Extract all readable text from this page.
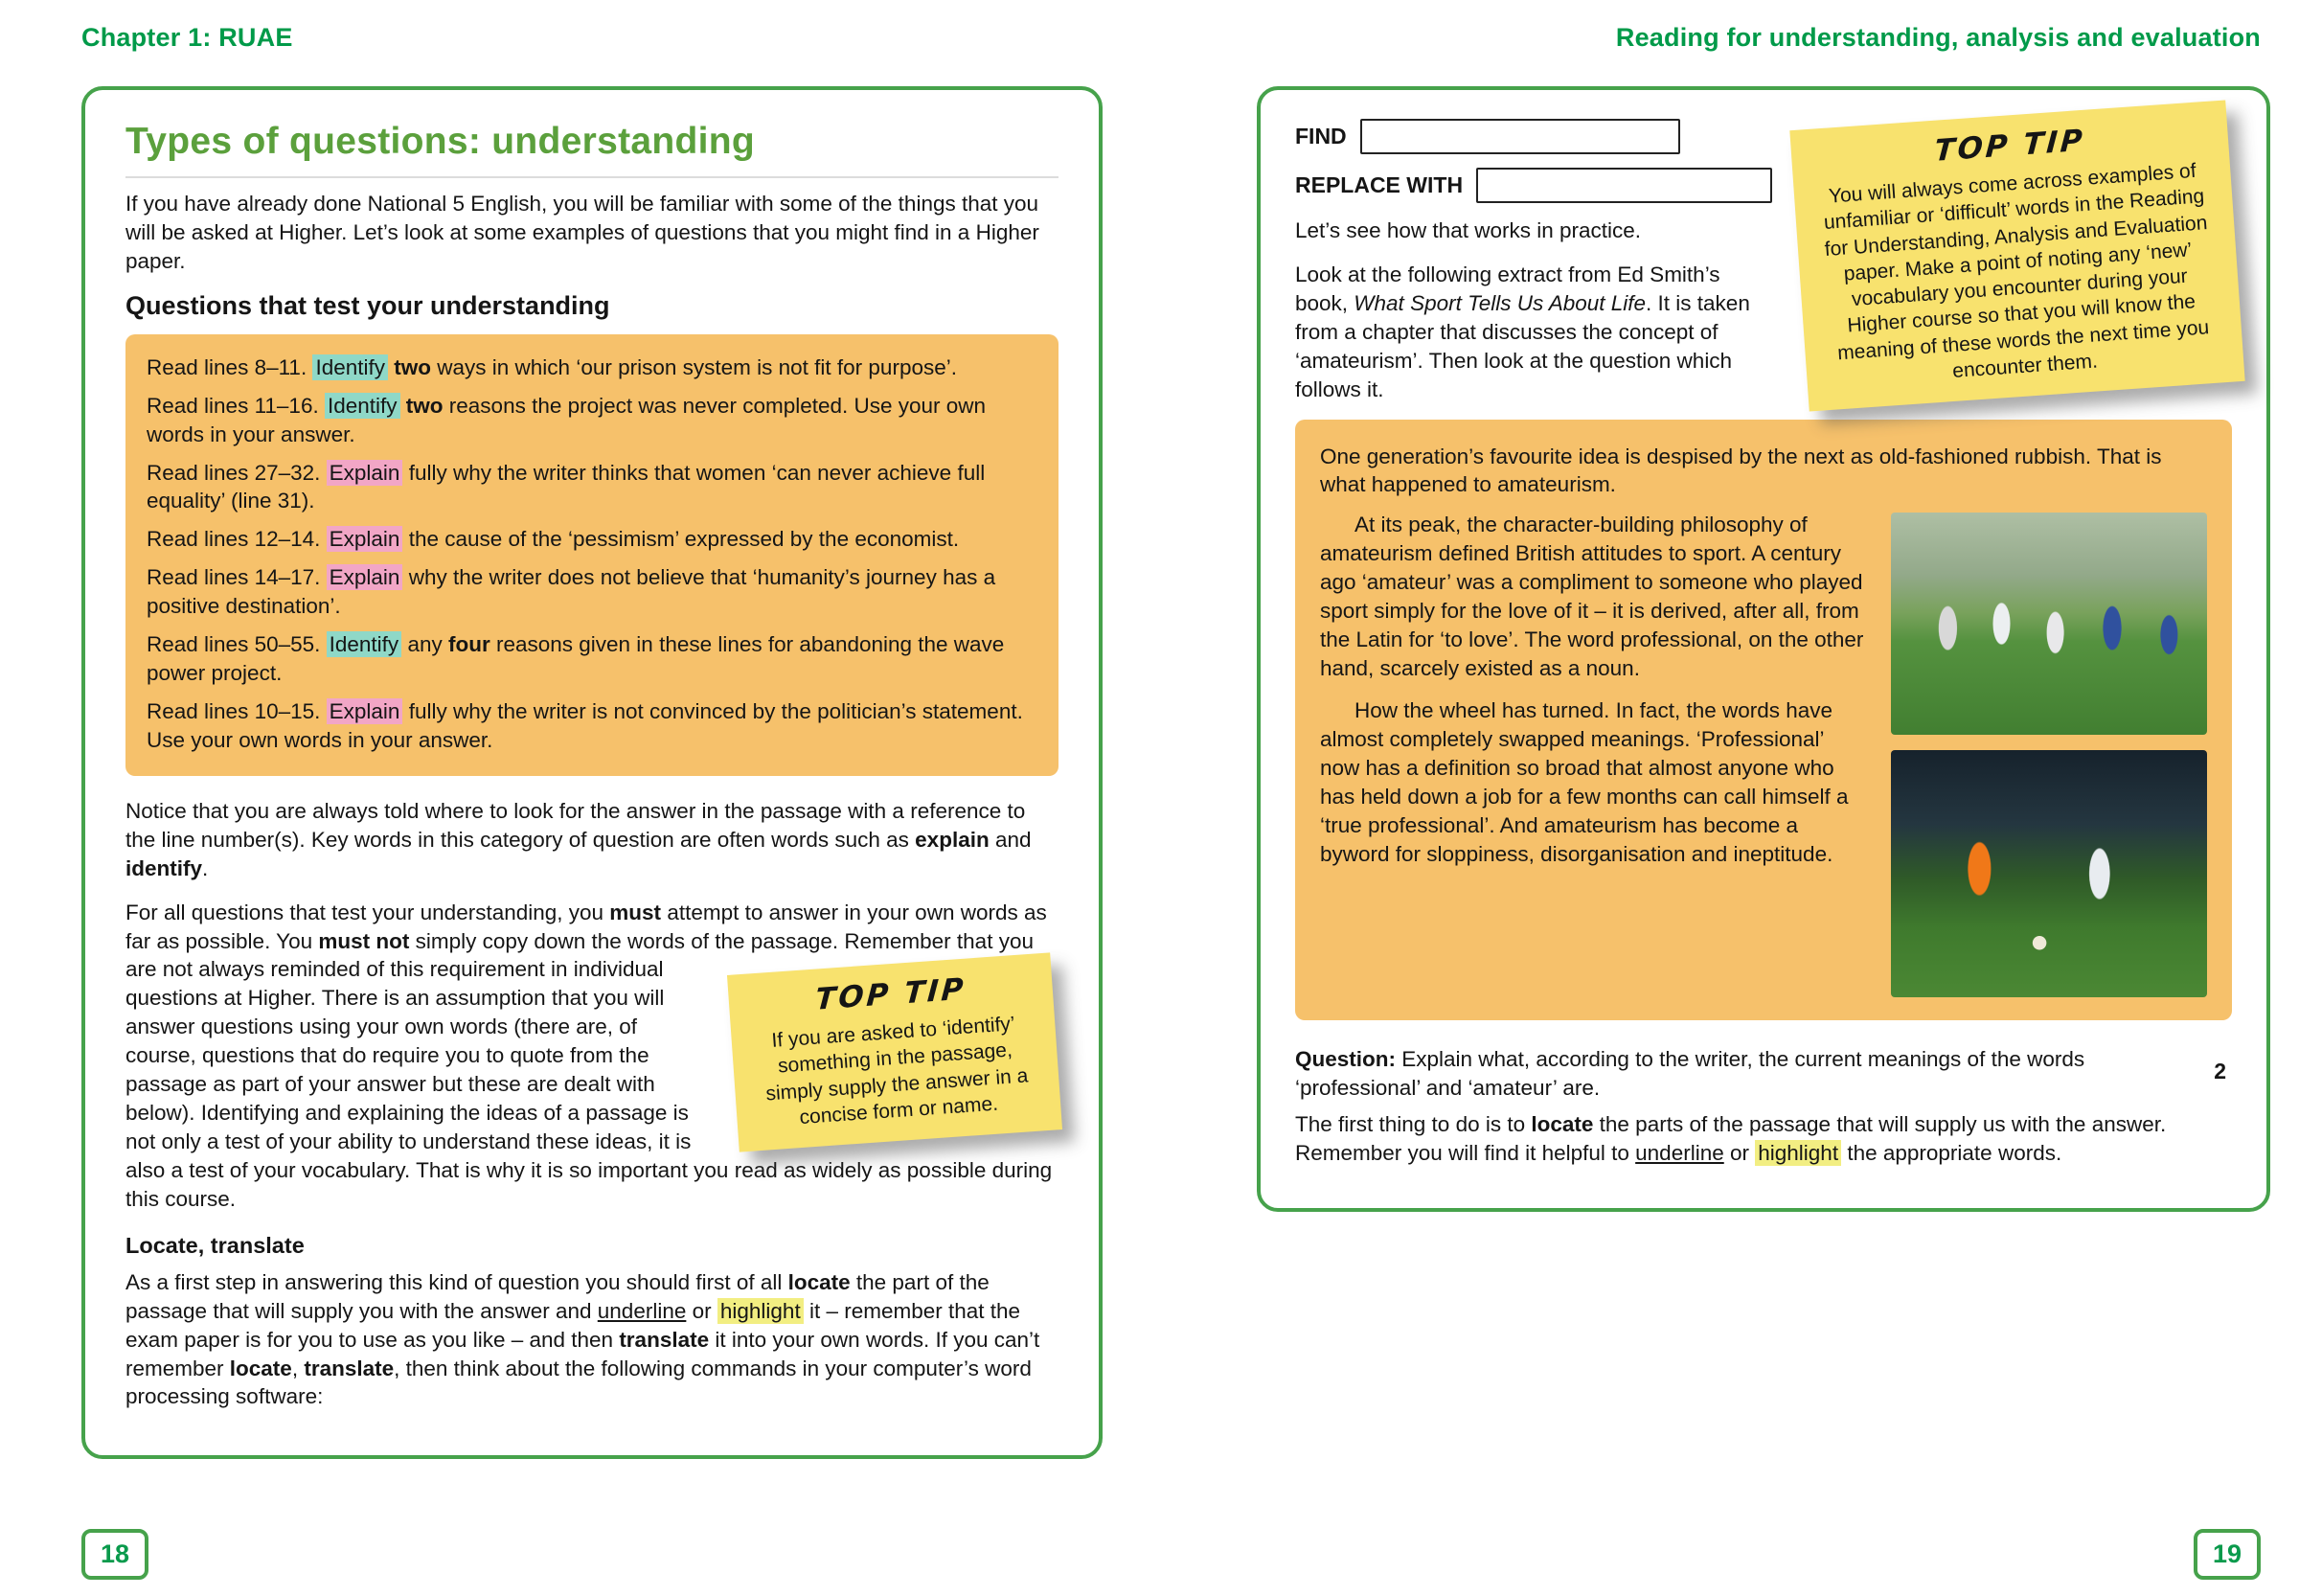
Chapter 1: RUAE	Reading for understanding, analysis and evaluation
Types of questions: understanding

If you have already done National 5 English, you will be familiar with some of the things that you will be asked at Higher. Let’s look at some examples of questions that you might find in a Higher paper.

Questions that test your understanding

Read lines 8–11. Identify two ways in which ‘our prison system is not fit for purpose’.

Read lines 11–16. Identify two reasons the project was never completed. Use your own words in your answer.

Read lines 27–32. Explain fully why the writer thinks that women ‘can never achieve full equality’ (line 31).

Read lines 12–14. Explain the cause of the ‘pessimism’ expressed by the economist.

Read lines 14–17. Explain why the writer does not believe that ‘humanity’s journey has a positive destination’.

Read lines 50–55. Identify any four reasons given in these lines for abandoning the wave power project.

Read lines 10–15. Explain fully why the writer is not convinced by the politician’s statement. Use your own words in your answer.

Notice that you are always told where to look for the answer in the passage with a reference to the line number(s). Key words in this category of question are often words such as explain and identify.

TOP TIP
If you are asked to ‘identify’ something in the passage, simply supply the answer in a concise form or name.

For all questions that test your understanding, you must attempt to answer in your own words as far as possible. You must not simply copy down the words of the passage. Remember that you are not always reminded of this requirement in individual questions at Higher. There is an assumption that you will answer questions using your own words (there are, of course, questions that do require you to quote from the passage as part of your answer but these are dealt with below). Identifying and explaining the ideas of a passage is not only a test of your ability to understand these ideas, it is also a test of your vocabulary. That is why it is so important you read as widely as possible during this course.

Locate, translate

As a first step in answering this kind of question you should first of all locate the part of the passage that will supply you with the answer and underline or highlight it – remember that the exam paper is for you to use as you like – and then translate it into your own words. If you can’t remember locate, translate, then think about the following commands in your computer’s word processing software:

TOP TIP
You will always come across examples of unfamiliar or ‘difficult’ words in the Reading for Understanding, Analysis and Evaluation paper. Make a point of noting any ‘new’ vocabulary you encounter during your Higher course so that you will know the meaning of these words the next time you encounter them.
FIND
REPLACE WITH

Let’s see how that works in practice.

Look at the following extract from Ed Smith’s book, What Sport Tells Us About Life. It is taken from a chapter that discusses the concept of ‘amateurism’. Then look at the question which follows it.

One generation’s favourite idea is despised by the next as old-fashioned rubbish. That is what happened to amateurism.

At its peak, the character-building philosophy of amateurism defined British attitudes to sport. A century ago ‘amateur’ was a compliment to someone who played sport simply for the love of it – it is derived, after all, from the Latin for ‘to love’. The word professional, on the other hand, scarcely existed as a noun.

How the wheel has turned. In fact, the words have almost completely swapped meanings. ‘Professional’ now has a definition so broad that almost anyone who has held down a job for a few months can call himself a ‘true professional’. And amateurism has become a byword for sloppiness, disorganisation and ineptitude.

Question: Explain what, according to the writer, the current meanings of the words ‘professional’ and ‘amateur’ are.

2

The first thing to do is to locate the parts of the passage that will supply us with the answer. Remember you will find it helpful to underline or highlight the appropriate words.

18	19
